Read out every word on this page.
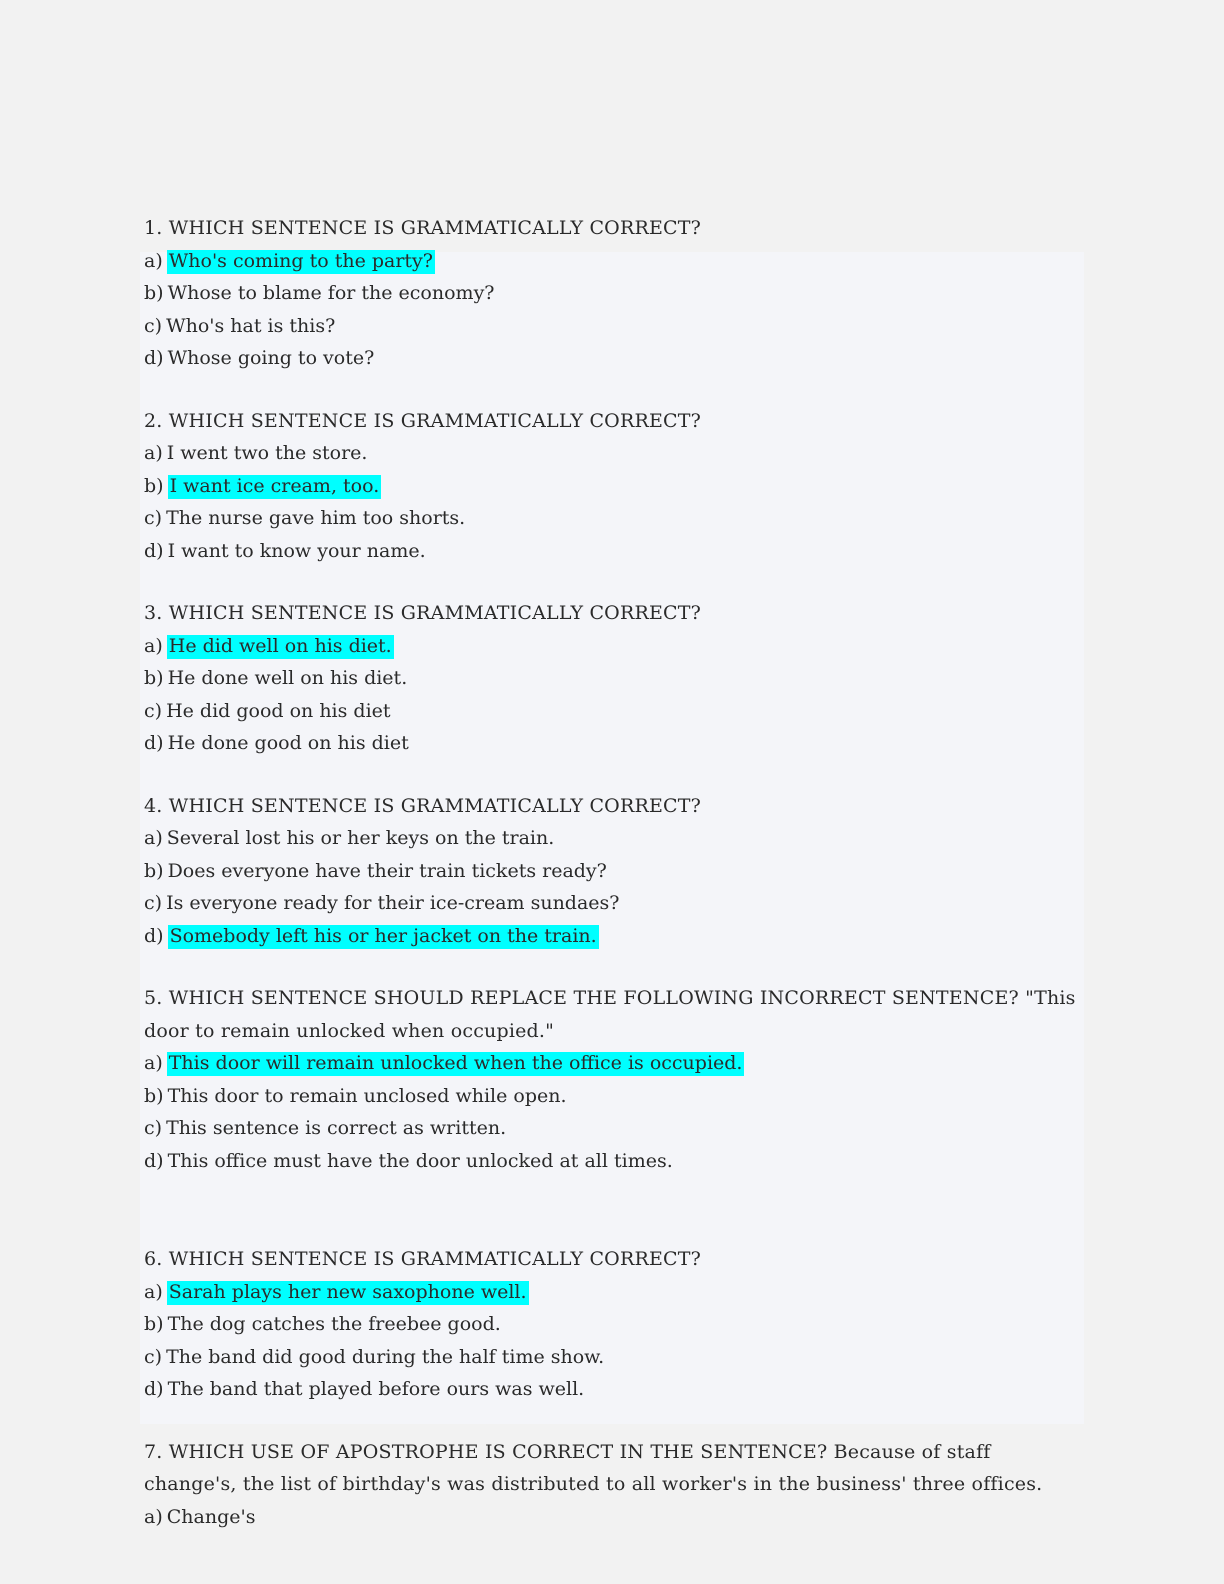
1. WHICH SENTENCE IS GRAMMATICALLY CORRECT?

a) Who's coming to the party?
b) Whose to blame for the economy?
c) Who's hat is this?
d) Whose going to vote?

2. WHICH SENTENCE IS GRAMMATICALLY CORRECT?

a) I went two the store.
b) I want ice cream, too.
c) The nurse gave him too shorts.
d) I want to know your name.

3. WHICH SENTENCE IS GRAMMATICALLY CORRECT?

a) He did well on his diet.
b) He done well on his diet.
c) He did good on his diet
d) He done good on his diet

4. WHICH SENTENCE IS GRAMMATICALLY CORRECT?

a) Several lost his or her keys on the train.
b) Does everyone have their train tickets ready?
c) Is everyone ready for their ice-cream sundaes?
d) Somebody left his or her jacket on the train.

5. WHICH SENTENCE SHOULD REPLACE THE FOLLOWING INCORRECT SENTENCE? "This door to remain unlocked when occupied."

a) This door will remain unlocked when the office is occupied.
b) This door to remain unclosed while open.
c) This sentence is correct as written.
d) This office must have the door unlocked at all times.

6. WHICH SENTENCE IS GRAMMATICALLY CORRECT?

a) Sarah plays her new saxophone well.
b) The dog catches the freebee good.
c) The band did good during the half time show.
d) The band that played before ours was well.

7. WHICH USE OF APOSTROPHE IS CORRECT IN THE SENTENCE? Because of staff change's, the list of birthday's was distributed to all worker's in the business' three offices.

a) Change's
